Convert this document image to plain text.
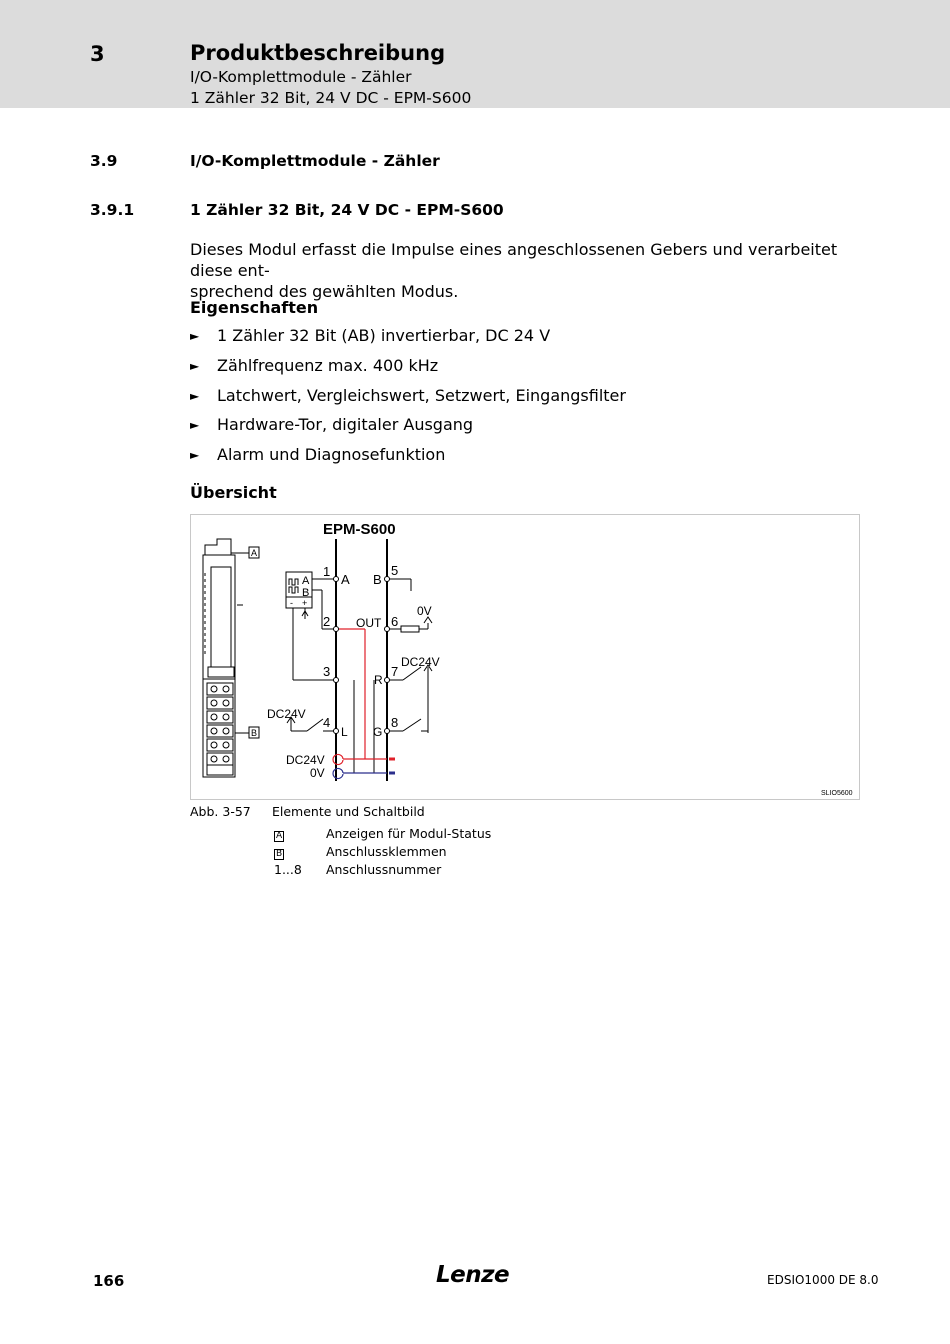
3	Produktbeschreibung
I/O-Komplettmodule - Zähler
1 Zähler 32 Bit, 24 V DC - EPM-S600
3.9	I/O-Komplettmodule - Zähler
3.9.1	1 Zähler 32 Bit, 24 V DC - EPM-S600
Dieses Modul erfasst die Impulse eines angeschlossenen Gebers und verarbeitet diese ent-
sprechend des gewählten Modus.
Eigenschaften
► 1 Zähler 32 Bit (AB) invertierbar, DC 24 V
► Zählfrequenz max. 400 kHz
► Latchwert, Vergleichswert, Setzwert, Eingangsfilter
► Hardware-Tor, digitaler Ausgang
► Alarm und Diagnosefunktion
Übersicht
A
B
EPM-S600
A
B
- +
1
2
3
4
5
6
7
8
A B
OUT
R
L G
0V
DC24V
DC24V
DC24V
0V
SLIO5600
Abb. 3-57 Elemente und Schaltbild
A	Anzeigen für Modul-Status
B	Anschlussklemmen
1...8 Anschlussnummer
166	Lenze	EDSIO1000 DE 8.0
